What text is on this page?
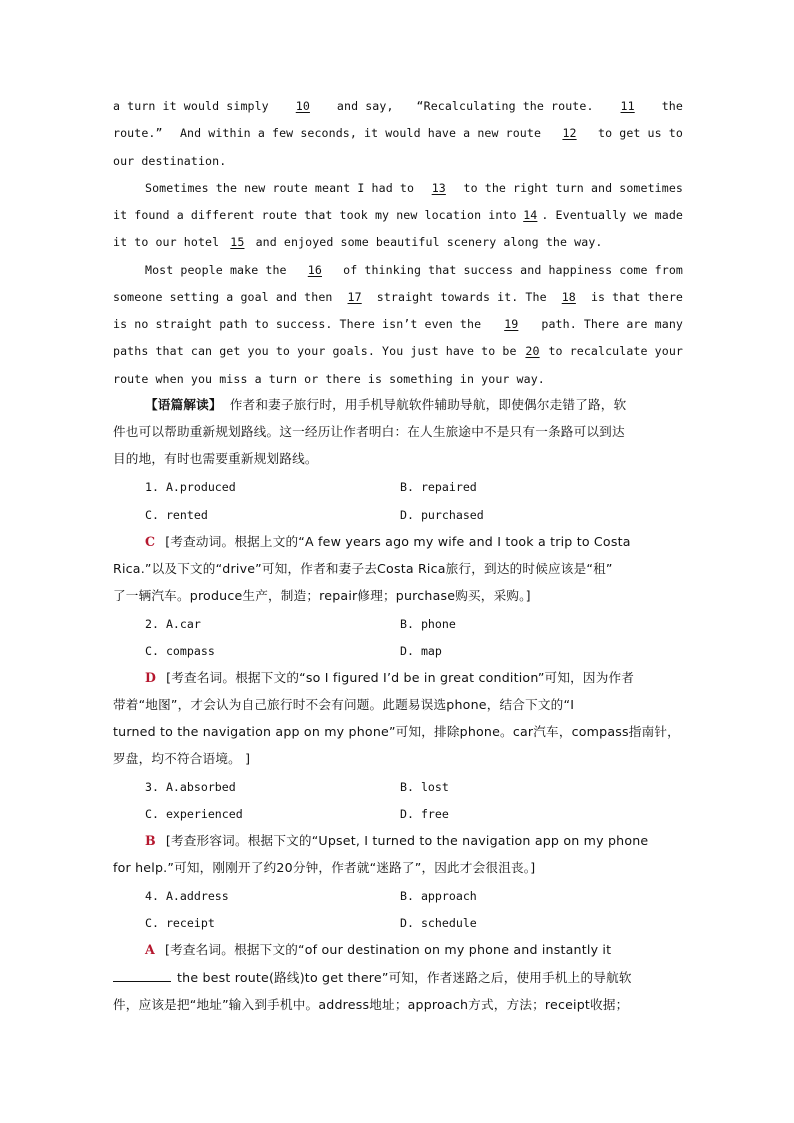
a turn it would simply	10	and say, “Recalculating the route.	11	the
route.” And within a few seconds, it would have a new route	12	to get us to
our destination.
Sometimes the new route meant I had to	13	to the right turn and sometimes
it found a different route that took my new location into 14 . Eventually we made
it to our hotel 15 and enjoyed some beautiful scenery along the way.
Most people make the	16	of thinking that success and happiness come from
someone setting a goal and then	17	straight towards it. The	18	is that there
is no straight path to success. There isn’t even the	19	path. There are many
paths that can get you to your goals. You just have to be 20 to recalculate your
route when you miss a turn or there is something in your way.
【语篇解读】 作者和妻子旅行时，用手机导航软件辅助导航，即使偶尔走错了路，软
件也可以帮助重新规划路线。这一经历让作者明白：在人生旅途中不是只有一条路可以到达
目的地，有时也需要重新规划路线。
1. A.produced	B. repaired
C. rented	D. purchased
C [考查动词。根据上文的“A few years ago my wife and I took a trip to Costa
Rica.”以及下文的“drive”可知，作者和妻子去Costa Rica旅行，到达的时候应该是“租”
了一辆汽车。produce生产，制造；repair修理；purchase购买，采购。]
2. A.car	B. phone
C. compass	D. map
D [考查名词。根据下文的“so I figured I’d be in great condition”可知，因为作者
带着“地图”，才会认为自己旅行时不会有问题。此题易误选phone，结合下文的“I
turned to the navigation app on my phone”可知，排除phone。car汽车，compass指南针，
罗盘，均不符合语境。 ]
3. A.absorbed	B. lost
C. experienced	D. free
B [考查形容词。根据下文的“Upset, I turned to the navigation app on my phone
for help.”可知，刚刚开了约20分钟，作者就“迷路了”，因此才会很沮丧。]
4. A.address	B. approach
C. receipt	D. schedule
A [考查名词。根据下文的“of our destination on my phone and instantly it
the best route(路线)to get there”可知，作者迷路之后，使用手机上的导航软
件，应该是把“地址”输入到手机中。address地址；approach方式，方法；receipt收据；
